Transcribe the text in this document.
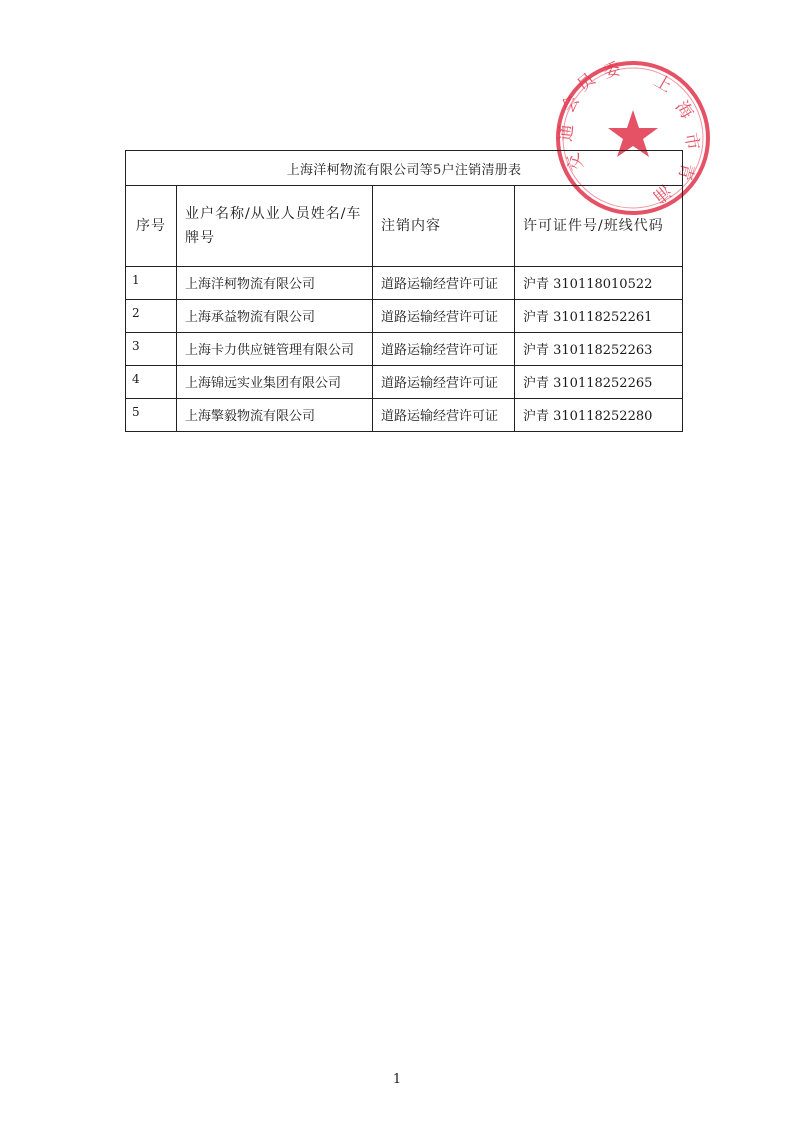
会
员 委
上
海
市
青
浦
交
通
上海洋柯物流有限公司等5户注销清册表			
序号	业户名称/从业人员姓名/车牌号	注销内容	许可证件号/班线代码
1	上海洋柯物流有限公司	道路运输经营许可证	沪青 310118010522
2	上海承益物流有限公司	道路运输经营许可证	沪青 310118252261
3	上海卡力供应链管理有限公司	道路运输经营许可证	沪青 310118252263
4	上海锦远实业集团有限公司	道路运输经营许可证	沪青 310118252265
5	上海擎毅物流有限公司	道路运输经营许可证	沪青 310118252280
1
